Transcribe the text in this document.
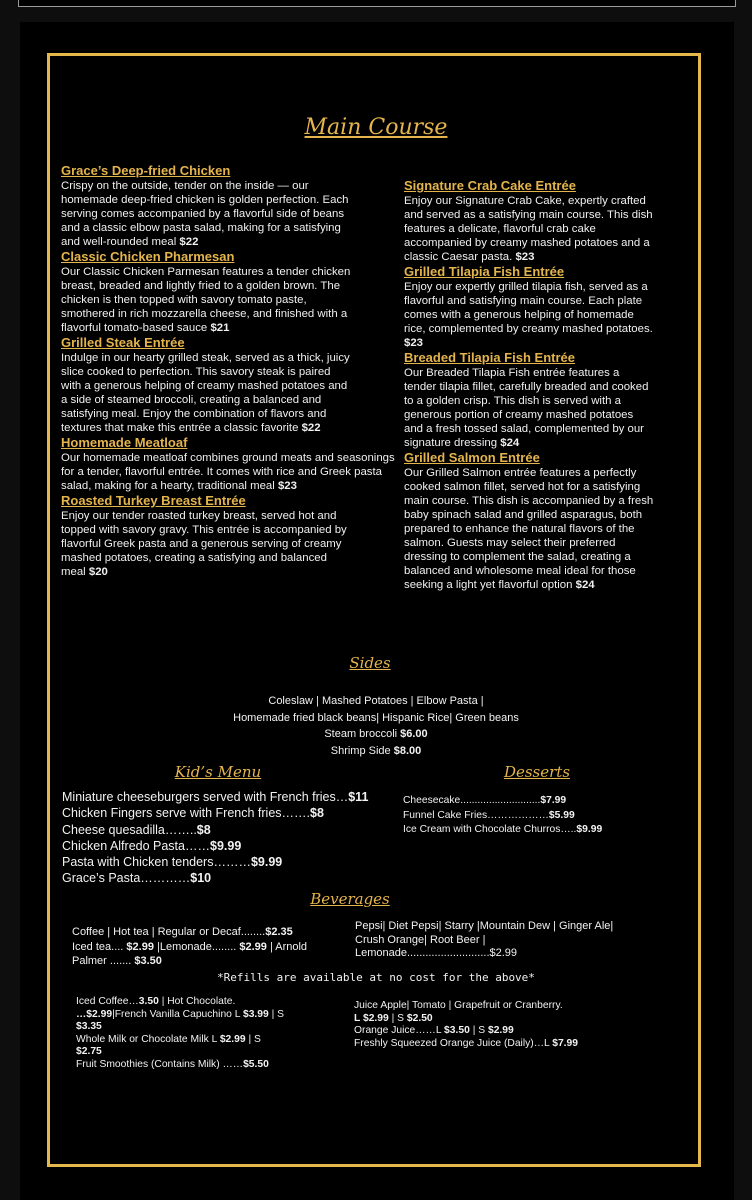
Main Course
Grace’s Deep-fried Chicken
Crispy on the outside, tender on the inside — our homemade deep-fried chicken is golden perfection. Each serving comes accompanied by a flavorful side of beans and a classic elbow pasta salad, making for a satisfying and well-rounded meal $22
Classic Chicken Pharmesan
Our Classic Chicken Parmesan features a tender chicken breast, breaded and lightly fried to a golden brown. The chicken is then topped with savory tomato paste, smothered in rich mozzarella cheese, and finished with a flavorful tomato-based sauce $21
Grilled Steak Entrée
Indulge in our hearty grilled steak, served as a thick, juicy slice cooked to perfection. This savory steak is paired with a generous helping of creamy mashed potatoes and a side of steamed broccoli, creating a balanced and satisfying meal. Enjoy the combination of flavors and textures that make this entrée a classic favorite $22
Homemade Meatloaf
Our homemade meatloaf combines ground meats and seasonings for a tender, flavorful entrée. It comes with rice and Greek pasta salad, making for a hearty, traditional meal $23
Roasted Turkey Breast Entrée
Enjoy our tender roasted turkey breast, served hot and topped with savory gravy. This entrée is accompanied by flavorful Greek pasta and a generous serving of creamy mashed potatoes, creating a satisfying and balanced meal $20
Signature Crab Cake Entrée
Enjoy our Signature Crab Cake, expertly crafted and served as a satisfying main course. This dish features a delicate, flavorful crab cake accompanied by creamy mashed potatoes and a classic Caesar pasta. $23
Grilled Tilapia Fish Entrée
Enjoy our expertly grilled tilapia fish, served as a flavorful and satisfying main course. Each plate comes with a generous helping of homemade rice, complemented by creamy mashed potatoes. $23
Breaded Tilapia Fish Entrée
Our Breaded Tilapia Fish entrée features a tender tilapia fillet, carefully breaded and cooked to a golden crisp. This dish is served with a generous portion of creamy mashed potatoes and a fresh tossed salad, complemented by our signature dressing $24
Grilled Salmon Entrée
Our Grilled Salmon entrée features a perfectly cooked salmon fillet, served hot for a satisfying main course. This dish is accompanied by a fresh baby spinach salad and grilled asparagus, both prepared to enhance the natural flavors of the salmon. Guests may select their preferred dressing to complement the salad, creating a balanced and wholesome meal ideal for those seeking a light yet flavorful option $24
Sides
Coleslaw | Mashed Potatoes | Elbow Pasta |
Homemade fried black beans| Hispanic Rice| Green beans
Steam broccoli $6.00
Shrimp Side $8.00
Kid’s Menu
Miniature cheeseburgers served with French fries…$11
Chicken Fingers serve with French fries…….$8
Cheese quesadilla……..$8
Chicken Alfredo Pasta……$9.99
Pasta with Chicken tenders………$9.99
Grace’s Pasta…………$10
Desserts
Cheesecake............................$7.99
Funnel Cake Fries………………$5.99
Ice Cream with Chocolate Churros…..$9.99
Beverages
Coffee | Hot tea | Regular or Decaf........$2.35
Iced tea.... $2.99 |Lemonade........ $2.99 | Arnold
Palmer ....... $3.50
Pepsi| Diet Pepsi| Starry |Mountain Dew | Ginger Ale|
Crush Orange| Root Beer |
Lemonade...........................$2.99
*Refills are available at no cost for the above*
Iced Coffee…3.50 | Hot Chocolate.
…$2.99|French Vanilla Capuchino L $3.99 | S
$3.35
Whole Milk or Chocolate Milk L $2.99 | S
$2.75
Fruit Smoothies (Contains Milk) ……$5.50
Juice Apple| Tomato | Grapefruit or Cranberry.
L $2.99 | S $2.50
Orange Juice……L $3.50 | S $2.99
Freshly Squeezed Orange Juice (Daily)…L $7.99
